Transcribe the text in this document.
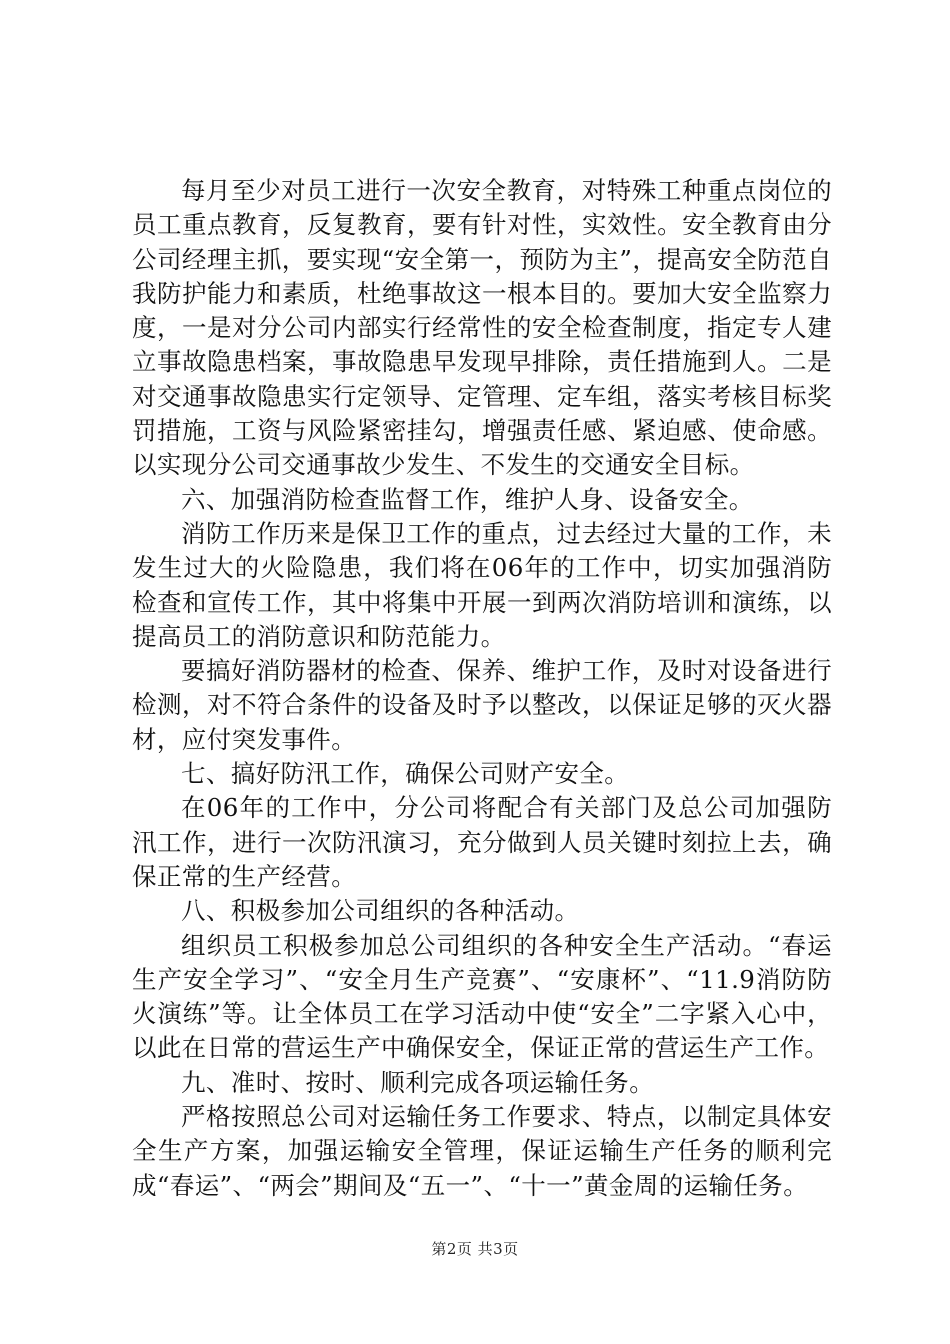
每月至少对员工进行一次安全教育，对特殊工种重点岗位的员工重点教育，反复教育，要有针对性，实效性。安全教育由分公司经理主抓，要实现“安全第一，预防为主”，提高安全防范自我防护能力和素质，杜绝事故这一根本目的。要加大安全监察力度，一是对分公司内部实行经常性的安全检查制度，指定专人建立事故隐患档案，事故隐患早发现早排除，责任措施到人。二是对交通事故隐患实行定领导、定管理、定车组，落实考核目标奖罚措施，工资与风险紧密挂勾，增强责任感、紧迫感、使命感。以实现分公司交通事故少发生、不发生的交通安全目标。

六、加强消防检查监督工作，维护人身、设备安全。

消防工作历来是保卫工作的重点，过去经过大量的工作，未发生过大的火险隐患，我们将在06年的工作中，切实加强消防检查和宣传工作，其中将集中开展一到两次消防培训和演练，以提高员工的消防意识和防范能力。

要搞好消防器材的检查、保养、维护工作，及时对设备进行检测，对不符合条件的设备及时予以整改，以保证足够的灭火器材，应付突发事件。

七、搞好防汛工作，确保公司财产安全。

在06年的工作中，分公司将配合有关部门及总公司加强防汛工作，进行一次防汛演习，充分做到人员关键时刻拉上去，确保正常的生产经营。

八、积极参加公司组织的各种活动。

组织员工积极参加总公司组织的各种安全生产活动。“春运生产安全学习”、“安全月生产竞赛”、“安康杯”、“11.9消防防火演练”等。让全体员工在学习活动中使“安全”二字紧入心中，以此在日常的营运生产中确保安全，保证正常的营运生产工作。

九、准时、按时、顺利完成各项运输任务。

严格按照总公司对运输任务工作要求、特点，以制定具体安全生产方案，加强运输安全管理，保证运输生产任务的顺利完成“春运”、“两会”期间及“五一”、“十一”黄金周的运输任务。

第2页 共3页
